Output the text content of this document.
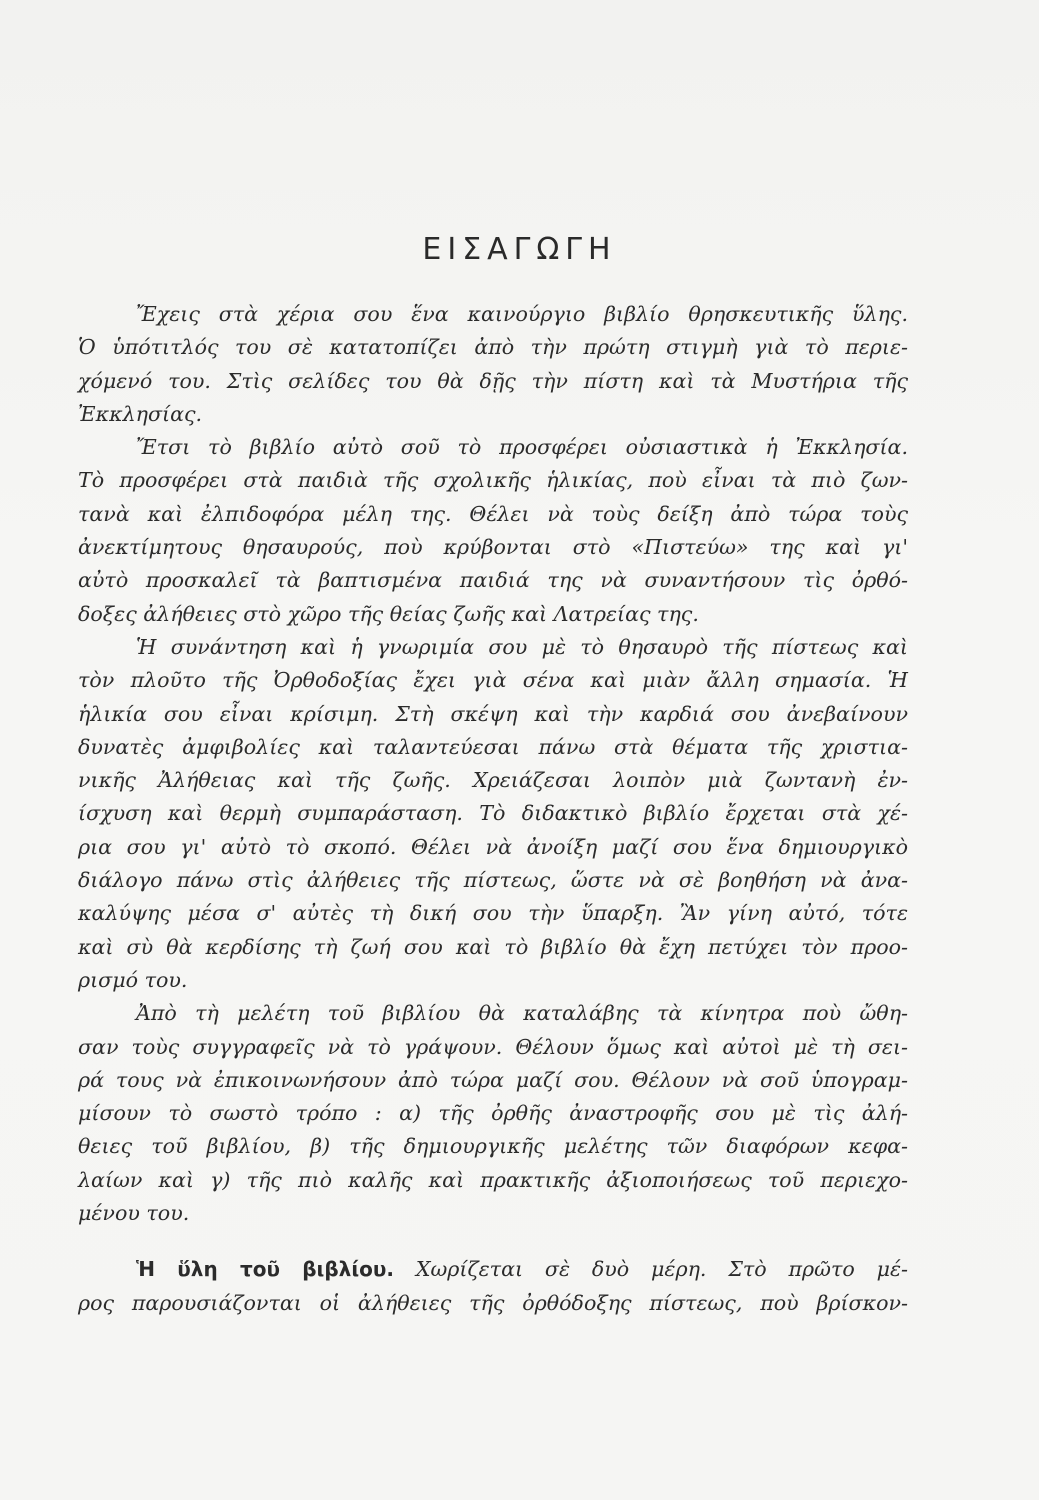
ΕΙΣΑΓΩΓΗ
Ἔχεις στὰ χέρια σου ἕνα καινούργιο βιβλίο θρησκευτικῆς ὕλης.
Ὁ ὑπότιτλός του σὲ κατατοπίζει ἀπὸ τὴν πρώτη στιγμὴ γιὰ τὸ περιε-
χόμενό του. Στὶς σελίδες του θὰ δῇς τὴν πίστη καὶ τὰ Μυστήρια τῆς
Ἐκκλησίας.
Ἔτσι τὸ βιβλίο αὐτὸ σοῦ τὸ προσφέρει οὐσιαστικὰ ἡ Ἐκκλησία.
Τὸ προσφέρει στὰ παιδιὰ τῆς σχολικῆς ἡλικίας, ποὺ εἶναι τὰ πιὸ ζων-
τανὰ καὶ ἐλπιδοφόρα μέλη της. Θέλει νὰ τοὺς δείξη ἀπὸ τώρα τοὺς
ἀνεκτίμητους θησαυρούς, ποὺ κρύβονται στὸ «Πιστεύω» της καὶ γι'
αὐτὸ προσκαλεῖ τὰ βαπτισμένα παιδιά της νὰ συναντήσουν τὶς ὀρθό-
δοξες ἀλήθειες στὸ χῶρο τῆς θείας ζωῆς καὶ Λατρείας της.
Ἡ συνάντηση καὶ ἡ γνωριμία σου μὲ τὸ θησαυρὸ τῆς πίστεως καὶ
τὸν πλοῦτο τῆς Ὀρθοδοξίας ἔχει γιὰ σένα καὶ μιὰν ἄλλη σημασία. Ἡ
ἡλικία σου εἶναι κρίσιμη. Στὴ σκέψη καὶ τὴν καρδιά σου ἀνεβαίνουν
δυνατὲς ἀμφιβολίες καὶ ταλαντεύεσαι πάνω στὰ θέματα τῆς χριστια-
νικῆς Ἀλήθειας καὶ τῆς ζωῆς. Χρειάζεσαι λοιπὸν μιὰ ζωντανὴ ἐν-
ίσχυση καὶ θερμὴ συμπαράσταση. Τὸ διδακτικὸ βιβλίο ἔρχεται στὰ χέ-
ρια σου γι' αὐτὸ τὸ σκοπό. Θέλει νὰ ἀνοίξη μαζί σου ἕνα δημιουργικὸ
διάλογο πάνω στὶς ἀλήθειες τῆς πίστεως, ὥστε νὰ σὲ βοηθήση νὰ ἀνα-
καλύψης μέσα σ' αὐτὲς τὴ δική σου τὴν ὕπαρξη. Ἂν γίνη αὐτό, τότε
καὶ σὺ θὰ κερδίσης τὴ ζωή σου καὶ τὸ βιβλίο θὰ ἔχη πετύχει τὸν προο-
ρισμό του.
Ἀπὸ τὴ μελέτη τοῦ βιβλίου θὰ καταλάβης τὰ κίνητρα ποὺ ὤθη-
σαν τοὺς συγγραφεῖς νὰ τὸ γράψουν. Θέλουν ὅμως καὶ αὐτοὶ μὲ τὴ σει-
ρά τους νὰ ἐπικοινωνήσουν ἀπὸ τώρα μαζί σου. Θέλουν νὰ σοῦ ὑπογραμ-
μίσουν τὸ σωστὸ τρόπο : α) τῆς ὀρθῆς ἀναστροφῆς σου μὲ τὶς ἀλή-
θειες τοῦ βιβλίου, β) τῆς δημιουργικῆς μελέτης τῶν διαφόρων κεφα-
λαίων καὶ γ) τῆς πιὸ καλῆς καὶ πρακτικῆς ἀξιοποιήσεως τοῦ περιεχο-
μένου του.
Ἡ ὕλη τοῦ βιβλίου. Χωρίζεται σὲ δυὸ μέρη. Στὸ πρῶτο μέ-
ρος παρουσιάζονται οἱ ἀλήθειες τῆς ὀρθόδοξης πίστεως, ποὺ βρίσκον-
